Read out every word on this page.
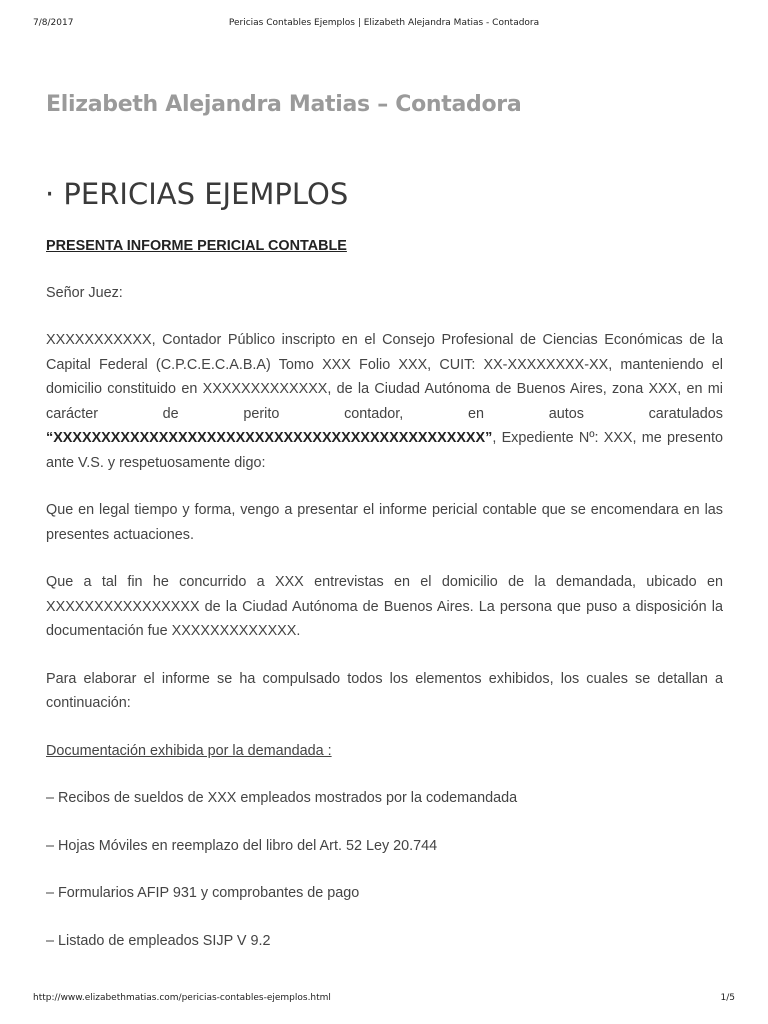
7/8/2017	Pericias Contables Ejemplos | Elizabeth Alejandra Matias - Contadora
Elizabeth Alejandra Matias – Contadora
· PERICIAS EJEMPLOS

PRESENTA INFORME PERICIAL CONTABLE

Señor Juez:

XXXXXXXXXXX, Contador Público inscripto en el Consejo Profesional de Ciencias Económicas de la Capital Federal (C.P.C.E.C.A.B.A) Tomo XXX Folio XXX, CUIT: XX-XXXXXXXX-XX, manteniendo el domicilio constituido en XXXXXXXXXXXXX, de la Ciudad Autónoma de Buenos Aires, zona XXX, en mi carácter de perito contador, en autos caratulados “XXXXXXXXXXXXXXXXXXXXXXXXXXXXXXXXXXXXXXXXXXXXX”, Expediente Nº: XXX, me presento ante V.S. y respetuosamente digo:

Que en legal tiempo y forma, vengo a presentar el informe pericial contable que se encomendara en las presentes actuaciones.

Que a tal fin he concurrido a XXX entrevistas en el domicilio de la demandada, ubicado en XXXXXXXXXXXXXXXX de la Ciudad Autónoma de Buenos Aires. La persona que puso a disposición la documentación fue XXXXXXXXXXXXX.

Para elaborar el informe se ha compulsado todos los elementos exhibidos, los cuales se detallan a continuación:

Documentación exhibida por la demandada :

– Recibos de sueldos de XXX empleados mostrados por la codemandada

– Hojas Móviles en reemplazo del libro del Art. 52 Ley 20.744

– Formularios AFIP 931 y comprobantes de pago

– Listado de empleados SIJP V 9.2

http://www.elizabethmatias.com/pericias-contables-ejemplos.html	1/5
